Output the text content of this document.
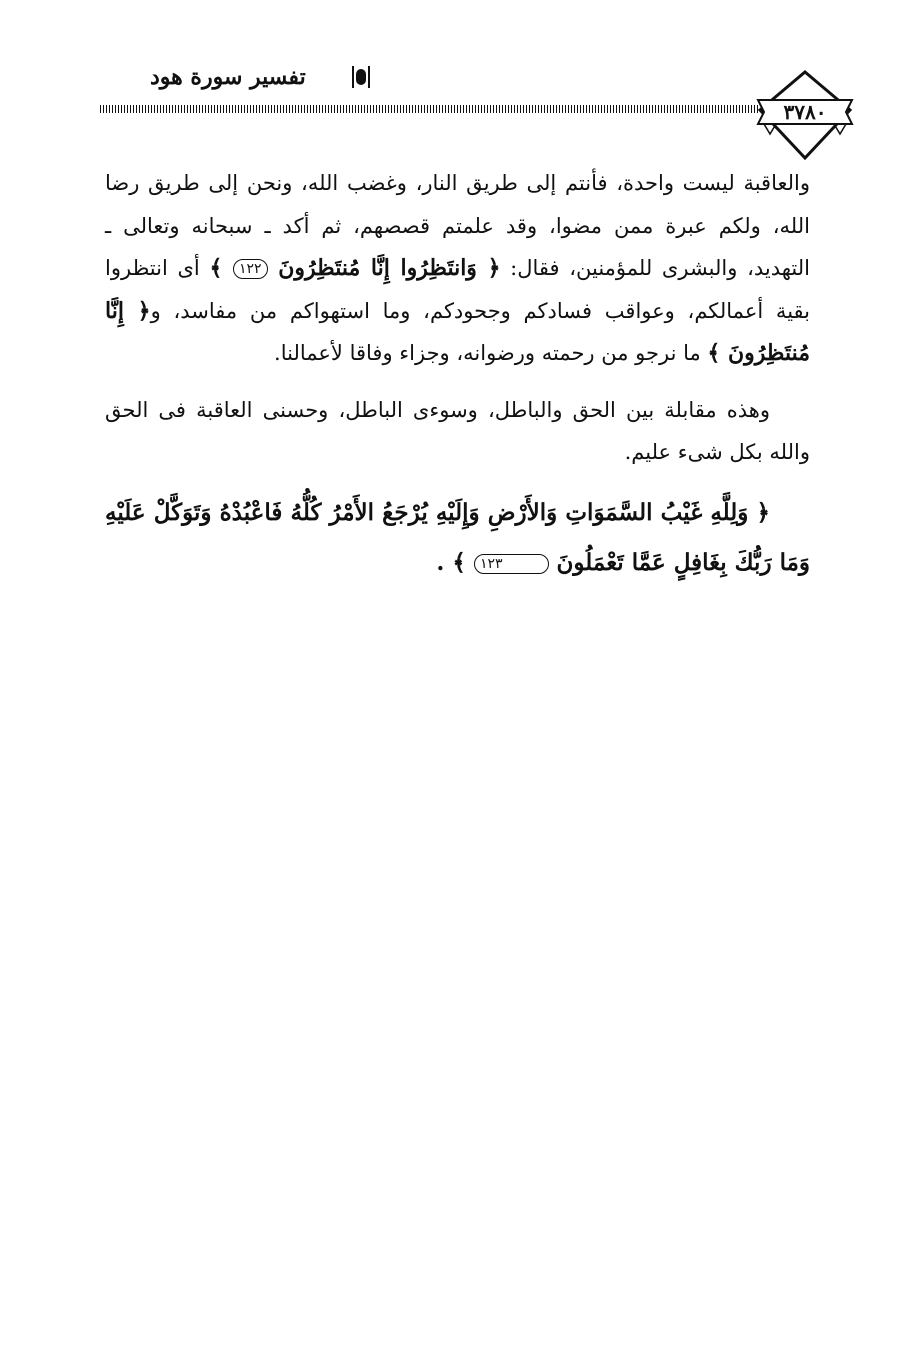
تفسير سورة هود
٣٧٨٠

والعاقبة ليست واحدة، فأنتم إلى طريق النار، وغضب الله، ونحن إلى طريق رضا الله، ولكم عبرة ممن مضوا، وقد علمتم قصصهم، ثم أكد ـ سبحانه وتعالى ـ التهديد، والبشرى للمؤمنين، فقال: ﴿ وَانتَظِرُوا إِنَّا مُنتَظِرُونَ ١٢٢ ﴾ أى انتظروا بقية أعمالكم، وعواقب فسادكم وجحودكم، وما استهواكم من مفاسد، و﴿ إِنَّا مُنتَظِرُونَ ﴾ ما نرجو من رحمته ورضوانه، وجزاء وفاقا لأعمالنا.

وهذه مقابلة بين الحق والباطل، وسوءى الباطل، وحسنى العاقبة فى الحق والله بكل شىء عليم.

﴿ وَلِلَّهِ غَيْبُ السَّمَوَاتِ وَالأَرْضِ وَإِلَيْهِ يُرْجَعُ الأَمْرُ كُلُّهُ فَاعْبُدْهُ وَتَوَكَّلْ عَلَيْهِ وَمَا رَبُّكَ بِغَافِلٍ عَمَّا تَعْمَلُونَ ١٢٣ ﴾ .
